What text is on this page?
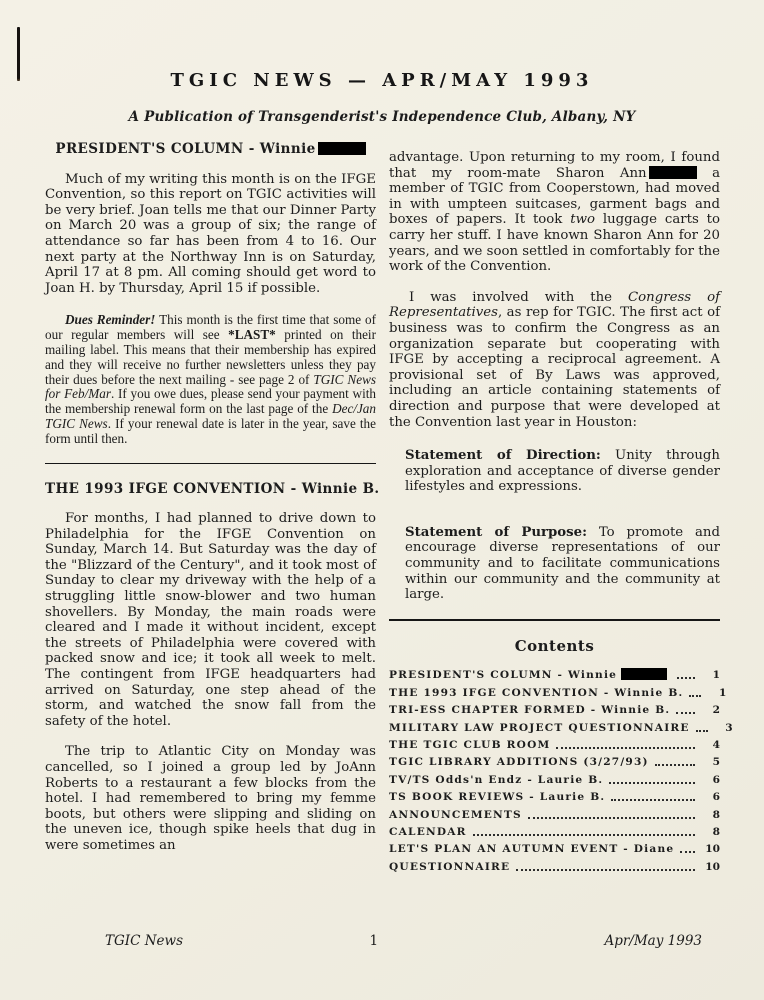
TGIC NEWS — APR/MAY 1993
A Publication of Transgenderist's Independence Club, Albany, NY
PRESIDENT'S COLUMN - Winnie

Much of my writing this month is on the IFGE Convention, so this report on TGIC activities will be very brief. Joan tells me that our Dinner Party on March 20 was a group of six; the range of attendance so far has been from 4 to 16. Our next party at the Northway Inn is on Saturday, April 17 at 8 pm. All coming should get word to Joan H. by Thursday, April 15 if possible.

Dues Reminder! This month is the first time that some of our regular members will see *LAST* printed on their mailing label. This means that their membership has expired and they will receive no further newsletters unless they pay their dues before the next mailing - see page 2 of TGIC News for Feb/Mar. If you owe dues, please send your payment with the membership renewal form on the last page of the Dec/Jan TGIC News. If your renewal date is later in the year, save the form until then.

THE 1993 IFGE CONVENTION - Winnie B.

For months, I had planned to drive down to Philadelphia for the IFGE Convention on Sunday, March 14. But Saturday was the day of the "Blizzard of the Century", and it took most of Sunday to clear my driveway with the help of a struggling little snow-blower and two human shovellers. By Monday, the main roads were cleared and I made it without incident, except the streets of Philadelphia were covered with packed snow and ice; it took all week to melt. The contingent from IFGE headquarters had arrived on Saturday, one step ahead of the storm, and watched the snow fall from the safety of the hotel.

The trip to Atlantic City on Monday was cancelled, so I joined a group led by JoAnn Roberts to a restaurant a few blocks from the hotel. I had remembered to bring my femme boots, but others were slipping and sliding on the uneven ice, though spike heels that dug in were sometimes an

advantage. Upon returning to my room, I found that my room-mate Sharon Ann	a member of TGIC from Cooperstown, had moved in with umpteen suitcases, garment bags and boxes of papers. It took two luggage carts to carry her stuff. I have known Sharon Ann for 20 years, and we soon settled in comfortably for the work of the Convention.

I was involved with the Congress of Representatives, as rep for TGIC. The first act of business was to confirm the Congress as an organization separate but cooperating with IFGE by accepting a reciprocal agreement. A provisional set of By Laws was approved, including an article containing statements of direction and purpose that were developed at the Convention last year in Houston:

Statement of Direction: Unity through exploration and acceptance of diverse gender lifestyles and expressions.

Statement of Purpose: To promote and encourage diverse representations of our community and to facilitate communications within our community and the community at large.

Contents
PRESIDENT'S COLUMN - Winnie	1
THE 1993 IFGE CONVENTION - Winnie B.	1
TRI-ESS CHAPTER FORMED - Winnie B.	2
MILITARY LAW PROJECT QUESTIONNAIRE	3
THE TGIC CLUB ROOM	4
TGIC LIBRARY ADDITIONS (3/27/93)	5
TV/TS Odds'n Endz - Laurie B.	6
TS BOOK REVIEWS - Laurie B.	6
ANNOUNCEMENTS	8
CALENDAR	8
LET'S PLAN AN AUTUMN EVENT - Diane	10
QUESTIONNAIRE	10
TGIC News	1	Apr/May 1993
